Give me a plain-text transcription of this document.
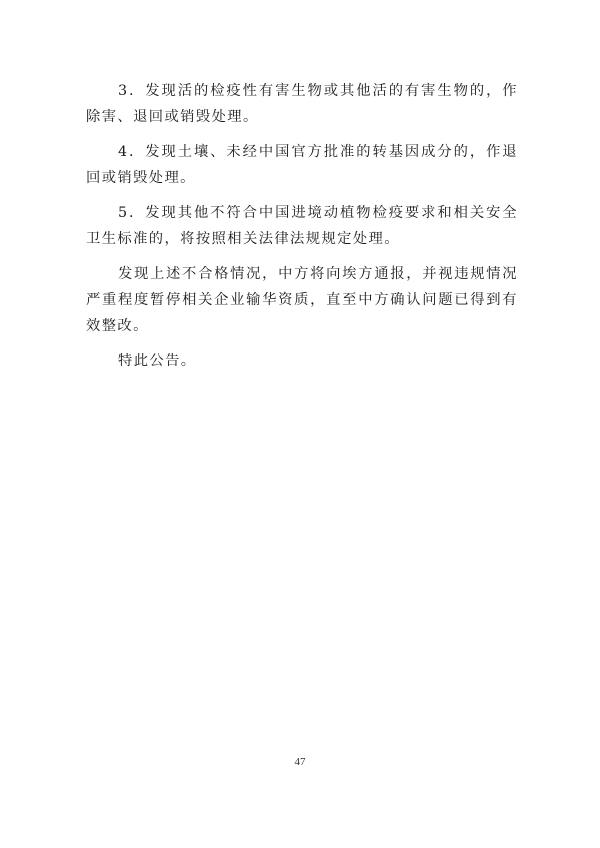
3．发现活的检疫性有害生物或其他活的有害生物的，作除害、退回或销毁处理。

4．发现土壤、未经中国官方批准的转基因成分的，作退回或销毁处理。

5．发现其他不符合中国进境动植物检疫要求和相关安全卫生标准的，将按照相关法律法规规定处理。

发现上述不合格情况，中方将向埃方通报，并视违规情况严重程度暂停相关企业输华资质，直至中方确认问题已得到有效整改。

特此公告。

47
